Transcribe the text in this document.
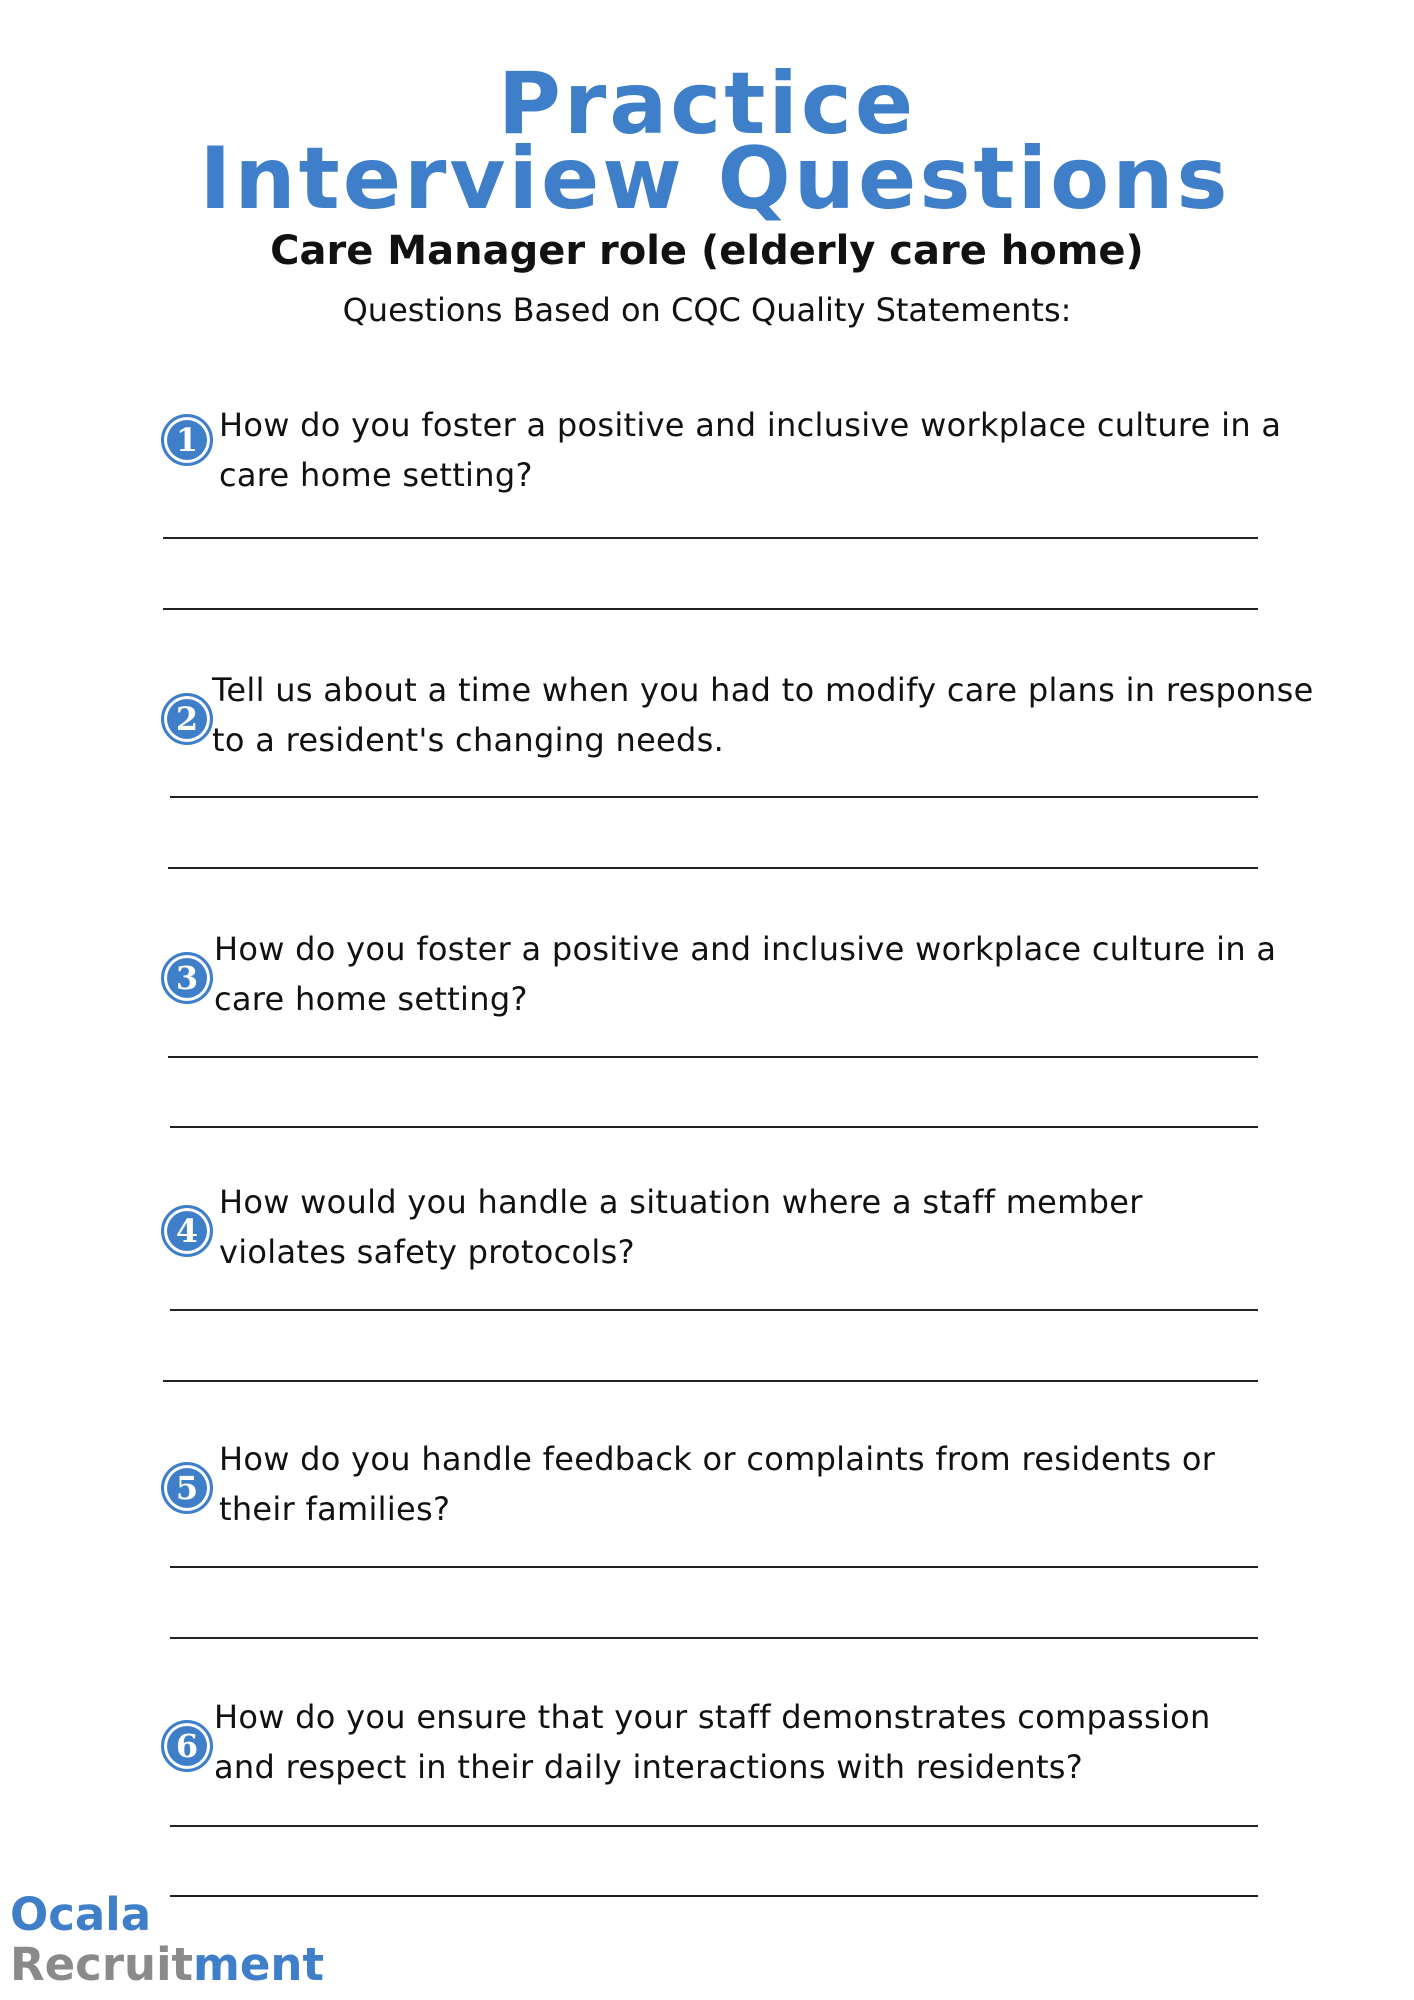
Practice
Interview Questions
Care Manager role (elderly care home)

Questions Based on CQC Quality Statements:

1 How do you foster a positive and inclusive workplace culture in a care home setting?

2

Tell us about a time when you had to modify care plans in response to a resident's changing needs.

3

How do you foster a positive and inclusive workplace culture in a care home setting?

4

How would you handle a situation where a staff member violates safety protocols?

5

How do you handle feedback or complaints from residents or their families?

6

How do you ensure that your staff demonstrates compassion and respect in their daily interactions with residents?

Ocala
Recruitment
